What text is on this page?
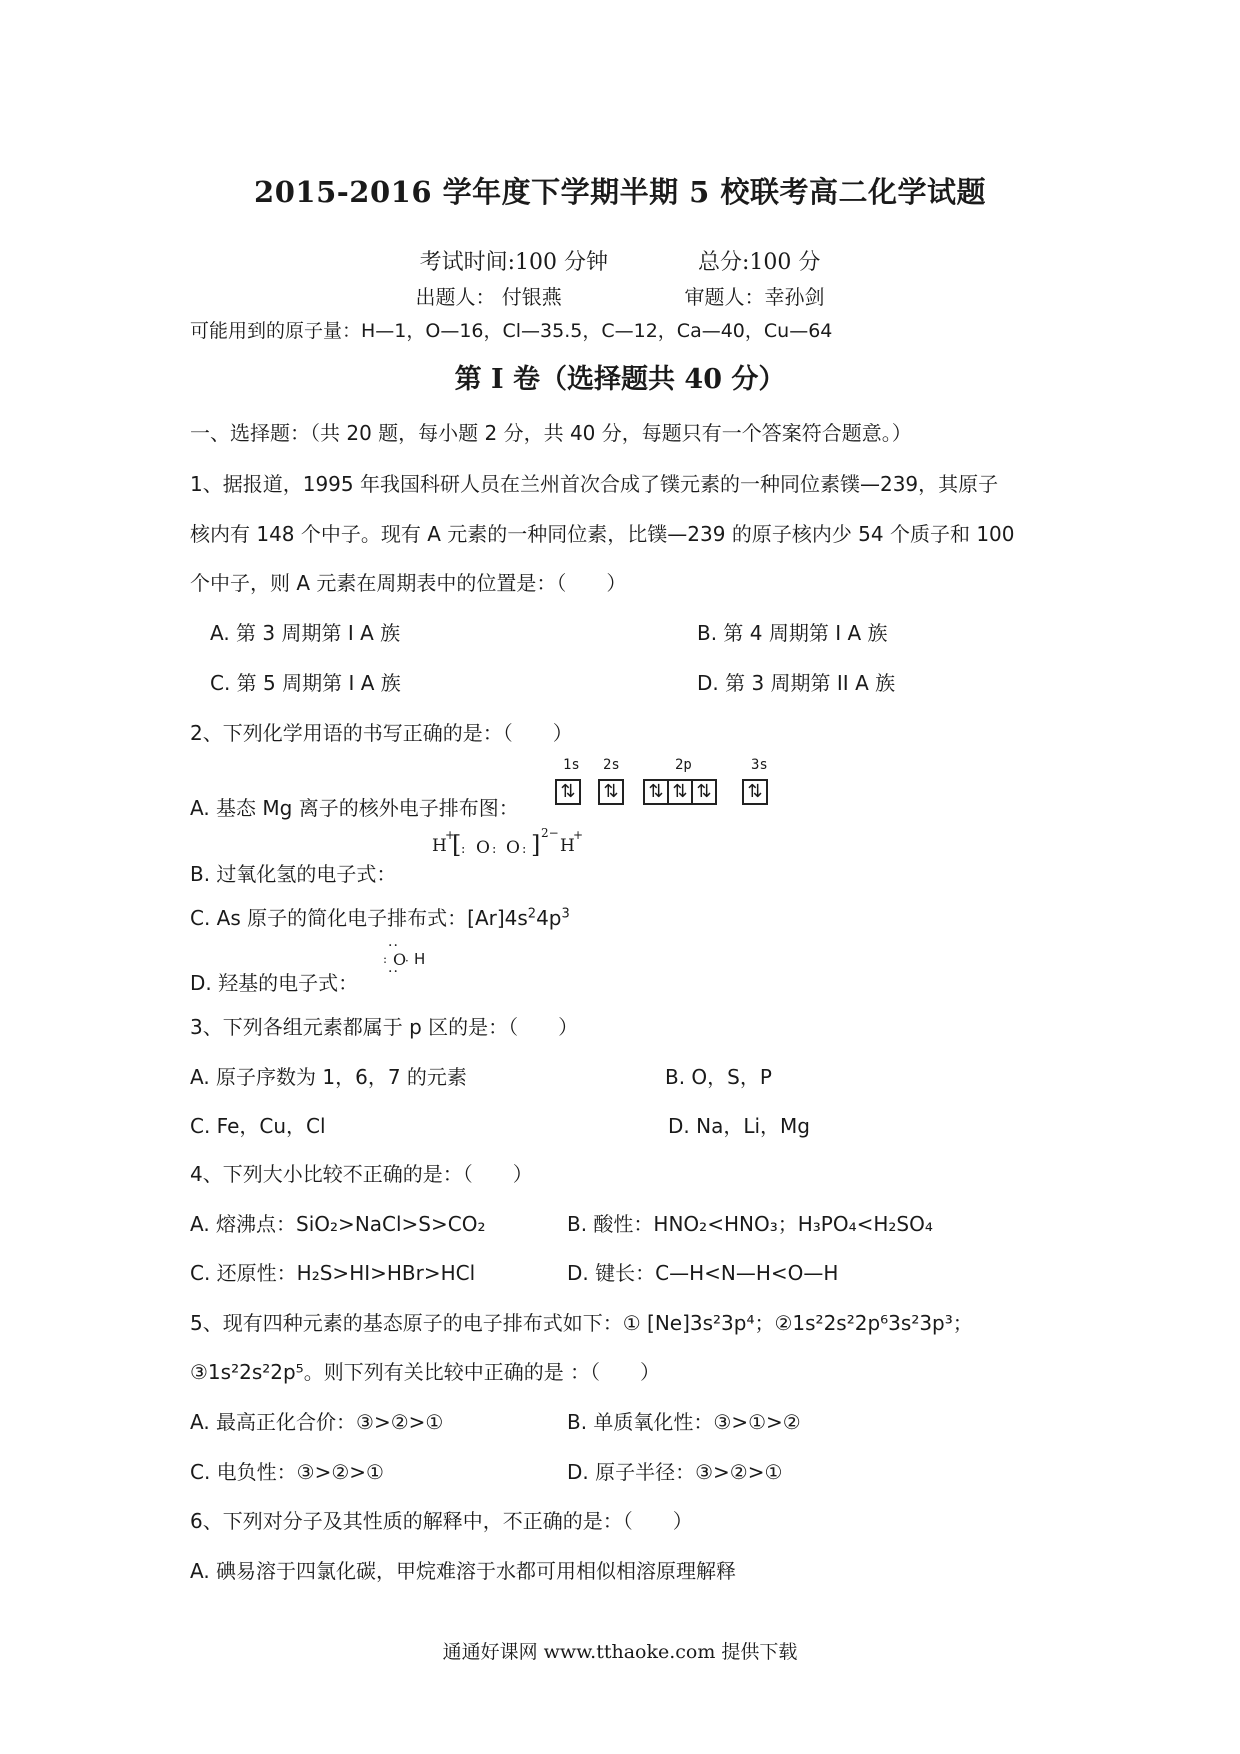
2015-2016 学年度下学期半期 5 校联考高二化学试题
考试时间:100 分钟	总分:100 分
出题人： 付银燕	审题人：幸孙剑
可能用到的原子量：H—1，O—16，Cl—35.5，C—12，Ca—40，Cu—64
第 I 卷（选择题共 40 分）
一、选择题：（共 20 题，每小题 2 分，共 40 分，每题只有一个答案符合题意。）
1、据报道，1995 年我国科研人员在兰州首次合成了镤元素的一种同位素镤—239，其原子
核内有 148 个中子。现有 A 元素的一种同位素，比镤—239 的原子核内少 54 个质子和 100
个中子，则 A 元素在周期表中的位置是：（　　）
A. 第 3 周期第 I A 族	B. 第 4 周期第 I A 族
C. 第 5 周期第 I A 族	D. 第 3 周期第 II A 族
2、下列化学用语的书写正确的是：（　　）
A. 基态 Mg 离子的核外电子排布图：
1s 2s	2p	3s
⇅	⇅	⇅ ⇅ ⇅	⇅
B. 过氧化氢的电子式：
H
+
[ : O : O : ] 2−
H
+
C. As 原子的简化电子排布式：$[Ar]4s^24p^3$
D. 羟基的电子式：
··
: O
· H
··
3、下列各组元素都属于 p 区的是：（　　）
A. 原子序数为 1，6，7 的元素	B. O，S，P
C. Fe，Cu，Cl	D. Na，Li，Mg
4、下列大小比较不正确的是：（　　）
A. 熔沸点：SiO₂>NaCl>S>CO₂	B. 酸性：HNO₂<HNO₃；H₃PO₄<H₂SO₄
C. 还原性：H₂S>HI>HBr>HCl	D. 键长：C—H<N—H<O—H
5、现有四种元素的基态原子的电子排布式如下：① [Ne]3s²3p⁴；②1s²2s²2p⁶3s²3p³；
③1s²2s²2p⁵。则下列有关比较中正确的是 ：（　　）
A. 最高正化合价：③>②>①	B. 单质氧化性：③>①>②
C. 电负性：③>②>①	D. 原子半径：③>②>①
6、下列对分子及其性质的解释中，不正确的是：（　　）
A. 碘易溶于四氯化碳，甲烷难溶于水都可用相似相溶原理解释
通通好课网 www.tthaoke.com 提供下载
